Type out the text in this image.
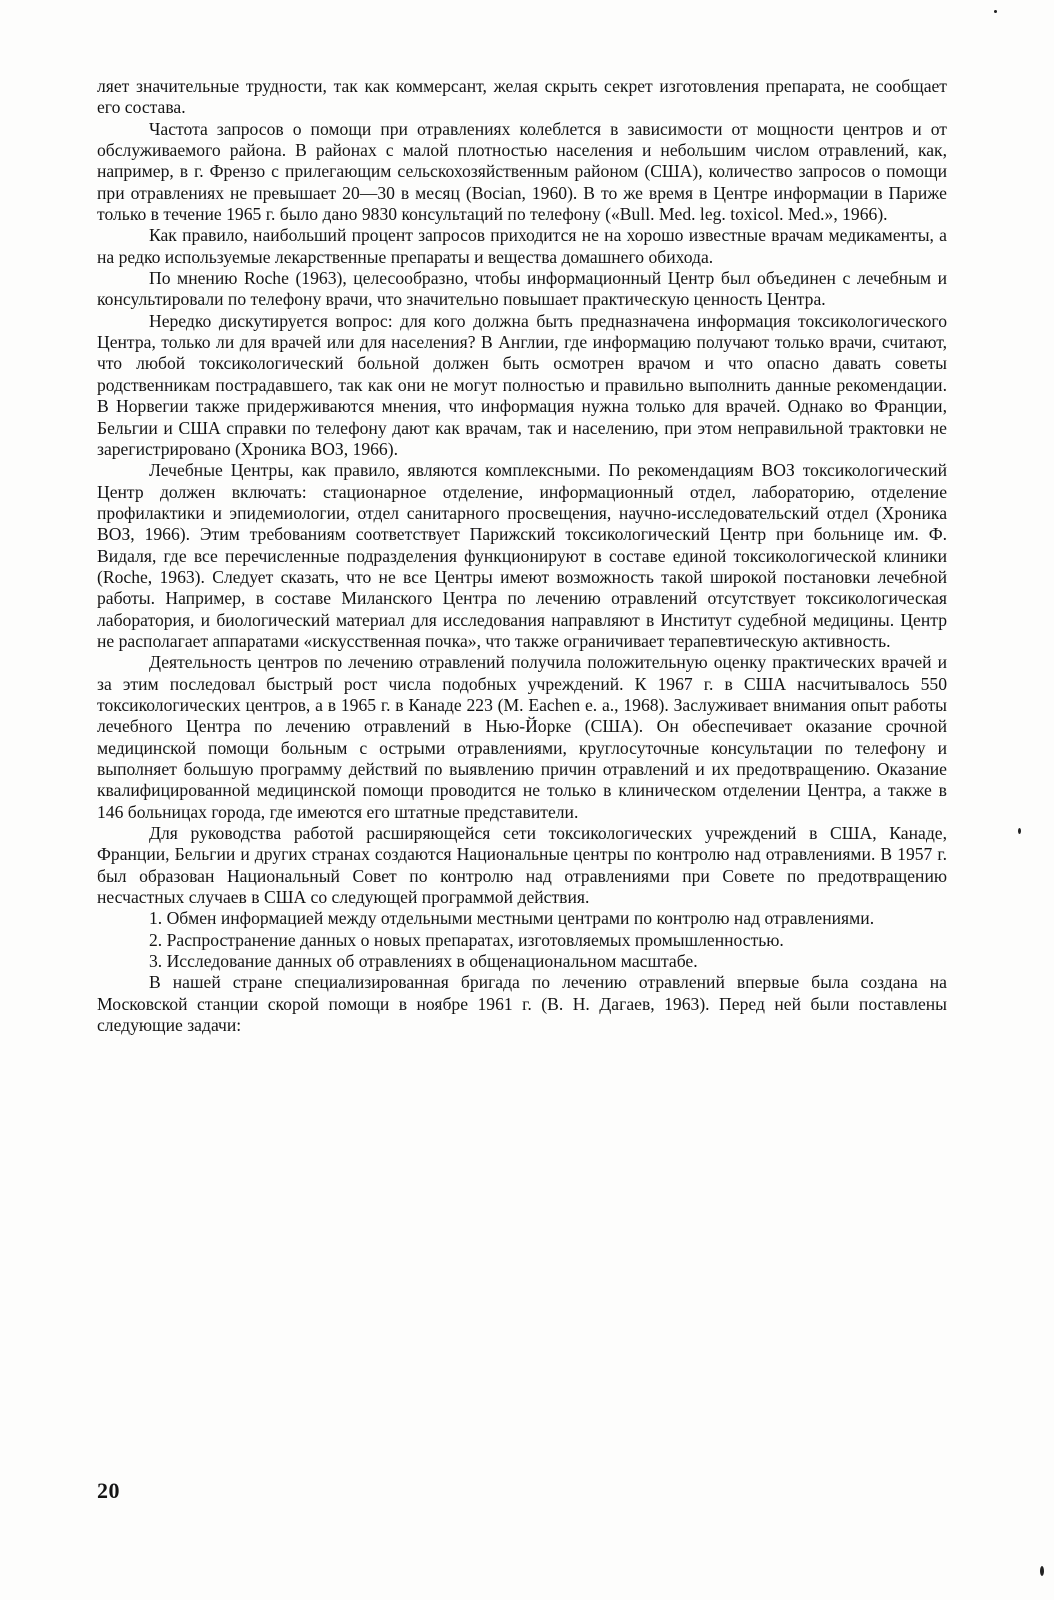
ляет значительные трудности, так как коммерсант, желая скрыть секрет изготовления препарата, не сообщает его состава.

Частота запросов о помощи при отравлениях колеблется в зависимости от мощности центров и от обслуживаемого района. В районах с малой плотностью населения и небольшим числом отравлений, как, например, в г. Френзо с прилегающим сельскохозяйственным районом (США), количество запросов о помощи при отравлениях не превышает 20—30 в месяц (Bocian, 1960). В то же время в Центре информации в Париже только в течение 1965 г. было дано 9830 консультаций по телефону («Bull. Med. leg. toxicol. Med.», 1966).

Как правило, наибольший процент запросов приходится не на хорошо известные врачам медикаменты, а на редко используемые лекарственные препараты и вещества домашнего обихода.

По мнению Roche (1963), целесообразно, чтобы информационный Центр был объединен с лечебным и консультировали по телефону врачи, что значительно повышает практическую ценность Центра.

Нередко дискутируется вопрос: для кого должна быть предназначена информация токсикологического Центра, только ли для врачей или для населения? В Англии, где информацию получают только врачи, считают, что любой токсикологический больной должен быть осмотрен врачом и что опасно давать советы родственникам пострадавшего, так как они не могут полностью и правильно выполнить данные рекомендации. В Норвегии также придерживаются мнения, что информация нужна только для врачей. Однако во Франции, Бельгии и США справки по телефону дают как врачам, так и населению, при этом неправильной трактовки не зарегистрировано (Хроника ВОЗ, 1966).

Лечебные Центры, как правило, являются комплексными. По рекомендациям ВОЗ токсикологический Центр должен включать: стационарное отделение, информационный отдел, лабораторию, отделение профилактики и эпидемиологии, отдел санитарного просвещения, научно-исследовательский отдел (Хроника ВОЗ, 1966). Этим требованиям соответствует Парижский токсикологический Центр при больнице им. Ф. Видаля, где все перечисленные подразделения функционируют в составе единой токсикологической клиники (Roche, 1963). Следует сказать, что не все Центры имеют возможность такой широкой постановки лечебной работы. Например, в составе Миланского Центра по лечению отравлений отсутствует токсикологическая лаборатория, и биологический материал для исследования направляют в Институт судебной медицины. Центр не располагает аппаратами «искусственная почка», что также ограничивает терапевтическую активность.

Деятельность центров по лечению отравлений получила положительную оценку практических врачей и за этим последовал быстрый рост числа подобных учреждений. К 1967 г. в США насчитывалось 550 токсикологических центров, а в 1965 г. в Канаде 223 (M. Eachen e. a., 1968). Заслуживает внимания опыт работы лечебного Центра по лечению отравлений в Нью-Йорке (США). Он обеспечивает оказание срочной медицинской помощи больным с острыми отравлениями, круглосуточные консультации по телефону и выполняет большую программу действий по выявлению причин отравлений и их предотвращению. Оказание квалифицированной медицинской помощи проводится не только в клиническом отделении Центра, а также в 146 больницах города, где имеются его штатные представители.

Для руководства работой расширяющейся сети токсикологических учреждений в США, Канаде, Франции, Бельгии и других странах создаются Национальные центры по контролю над отравлениями. В 1957 г. был образован Национальный Совет по контролю над отравлениями при Совете по предотвращению несчастных случаев в США со следующей программой действия.

1. Обмен информацией между отдельными местными центрами по контролю над отравлениями.

2. Распространение данных о новых препаратах, изготовляемых промышленностью.

3. Исследование данных об отравлениях в общенациональном масштабе.

В нашей стране специализированная бригада по лечению отравлений впервые была создана на Московской станции скорой помощи в ноябре 1961 г. (В. Н. Дагаев, 1963). Перед ней были поставлены следующие задачи:

20
